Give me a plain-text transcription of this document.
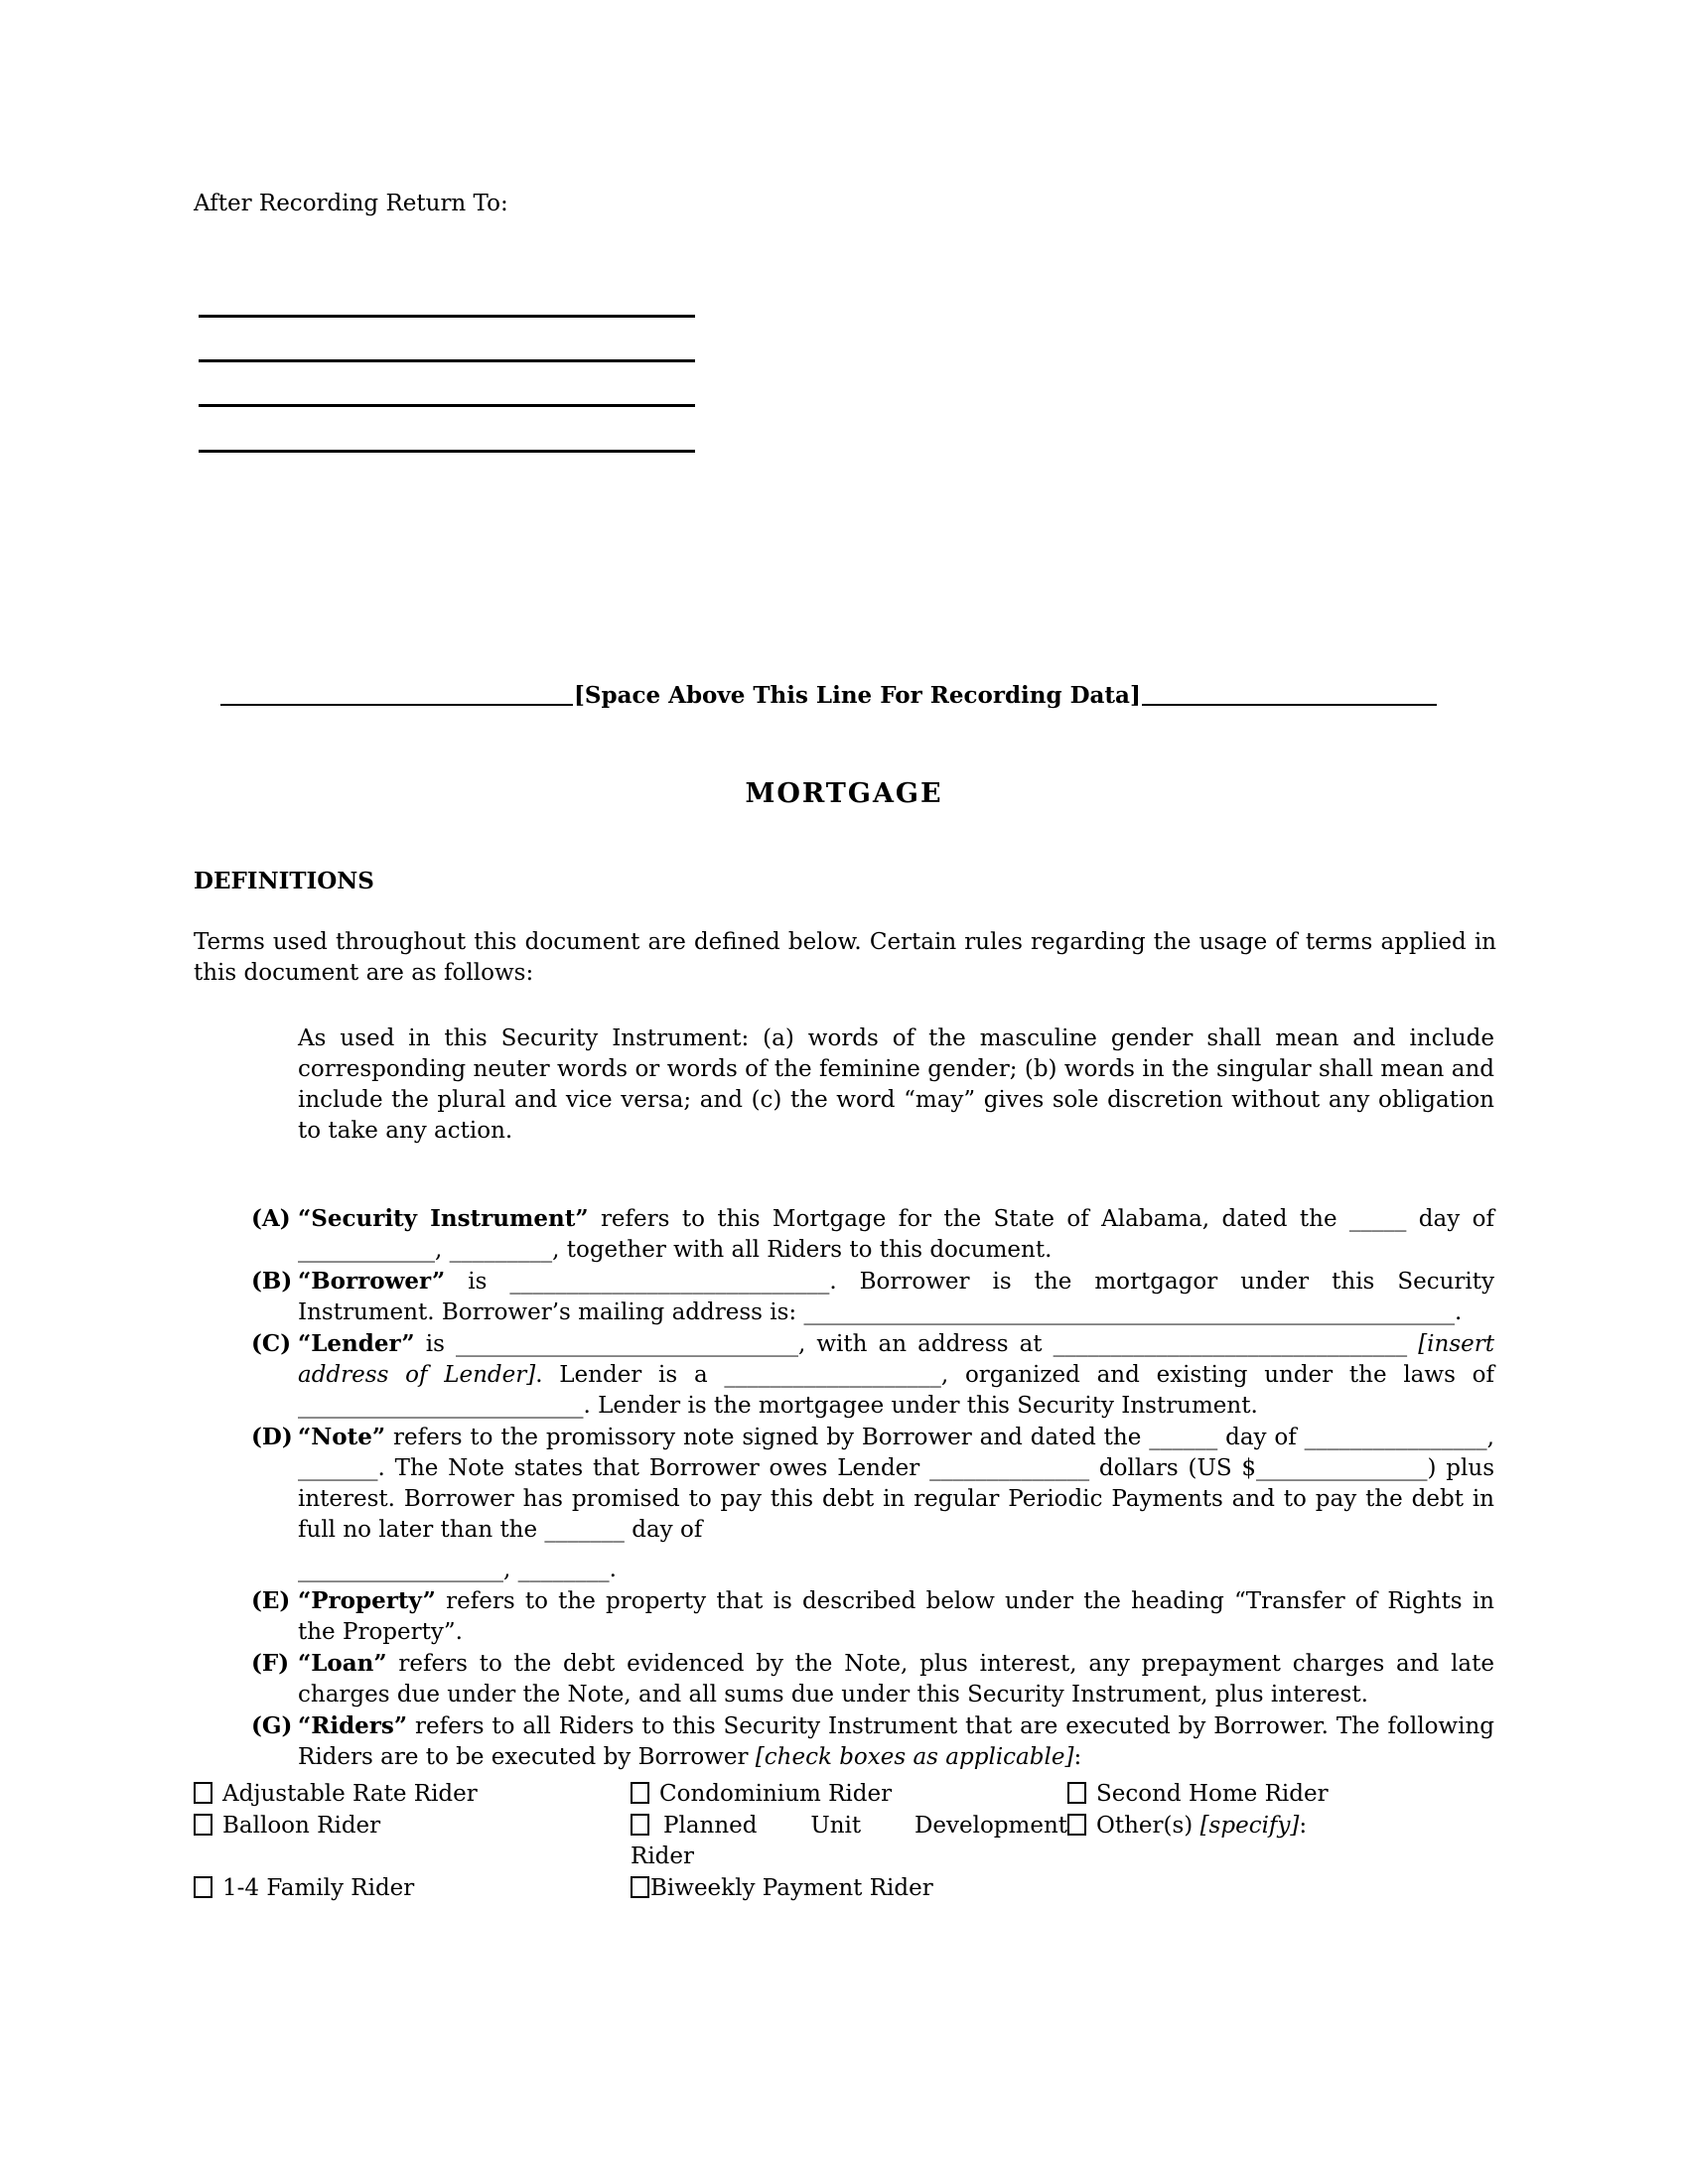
After Recording Return To:
[Space Above This Line For Recording Data]
MORTGAGE
DEFINITIONS
Terms used throughout this document are defined below. Certain rules regarding the usage of terms applied in this document are as follows:
As used in this Security Instrument: (a) words of the masculine gender shall mean and include corresponding neuter words or words of the feminine gender; (b) words in the singular shall mean and include the plural and vice versa; and (c) the word “may” gives sole discretion without any obligation to take any action.
(A) “Security Instrument” refers to this Mortgage for the State of Alabama, dated the _____ day of ____________, _________, together with all Riders to this document.
(B) “Borrower” is ____________________________. Borrower is the mortgagor under this Security Instrument. Borrower’s mailing address is: _________________________________________________________.
(C) “Lender” is ______________________________, with an address at _______________________________ [insert address of Lender]. Lender is a ___________________, organized and existing under the laws of _________________________. Lender is the mortgagee under this Security Instrument.
(D) “Note” refers to the promissory note signed by Borrower and dated the ______ day of ________________, _______. The Note states that Borrower owes Lender ______________ dollars (US $_______________) plus interest. Borrower has promised to pay this debt in regular Periodic Payments and to pay the debt in full no later than the _______ day of
__________________, ________.
(E) “Property” refers to the property that is described below under the heading “Transfer of Rights in the Property”.
(F) “Loan” refers to the debt evidenced by the Note, plus interest, any prepayment charges and late charges due under the Note, and all sums due under this Security Instrument, plus interest.
(G) “Riders” refers to all Riders to this Security Instrument that are executed by Borrower. The following Riders are to be executed by Borrower [check boxes as applicable]:
Adjustable Rate Rider
Balloon Rider
1-4 Family Rider
Condominium Rider
Planned Unit Development
Rider
Biweekly Payment Rider
Second Home Rider
Other(s) [specify]:
